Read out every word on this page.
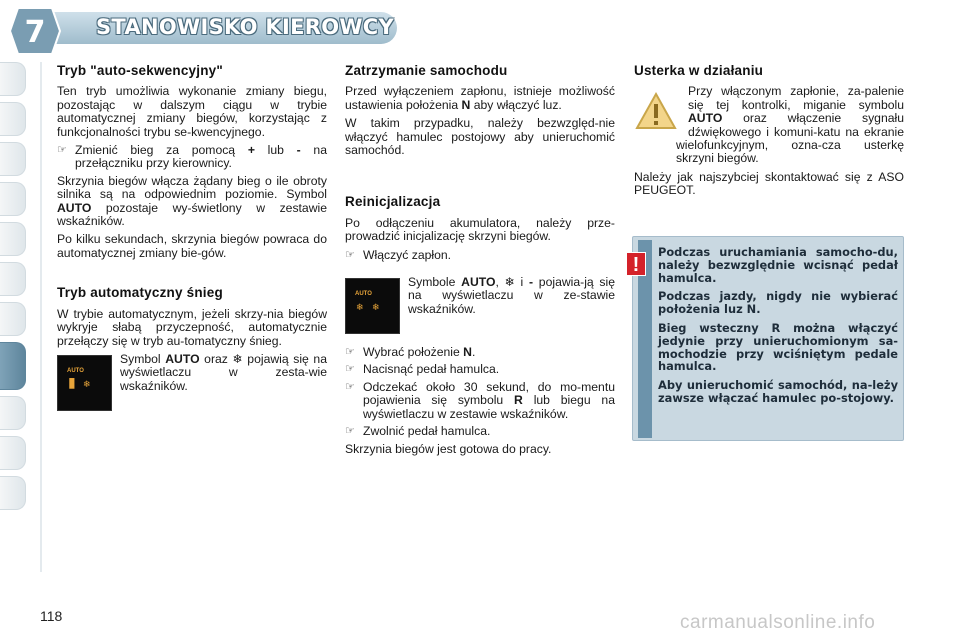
7 STANOWISKO KIEROWCY
Tryb "auto-sekwencyjny"

Ten tryb umożliwia wykonanie zmiany biegu, pozostając w dalszym ciągu w trybie automatycznej zmiany biegów, korzystając z funkcjonalności trybu se-kwencyjnego.

☞ Zmienić bieg za pomocą + lub - na przełączniku przy kierownicy.

Skrzynia biegów włącza żądany bieg o ile obroty silnika są na odpowiednim poziomie. Symbol AUTO pozostaje wy-świetlony w zestawie wskaźników.

Po kilku sekundach, skrzynia biegów powraca do automatycznej zmiany bie-gów.

Tryb automatyczny śnieg

W trybie automatycznym, jeżeli skrzy-nia biegów wykryje słabą przyczepność, automatycznie przełączy się w tryb au-tomatyczny śnieg.

AUTO
▮ ❄

Symbol AUTO oraz ❄ pojawią się na wyświetlaczu w zesta-wie wskaźników.

Zatrzymanie samochodu

Przed wyłączeniem zapłonu, istnieje możliwość ustawienia położenia N aby włączyć luz.

W takim przypadku, należy bezwzględ-nie włączyć hamulec postojowy aby unieruchomić samochód.

Reinicjalizacja

Po odłączeniu akumulatora, należy prze-prowadzić inicjalizację skrzyni biegów.

☞ Włączyć zapłon.
AUTO
❄ ❄

Symbole AUTO, ❄ i - pojawia-ją się na wyświetlaczu w ze-stawie wskaźników.

☞ Wybrać położenie N.
☞ Nacisnąć pedał hamulca.
☞ Odczekać około 30 sekund, do mo-mentu pojawienia się symbolu R lub biegu na wyświetlaczu w zestawie wskaźników.
☞ Zwolnić pedał hamulca.

Skrzynia biegów jest gotowa do pracy.

Usterka w działaniu

Przy włączonym zapłonie, za-palenie się tej kontrolki, miganie symbolu AUTO oraz włączenie sygnału dźwiękowego i komuni-katu na ekranie wielofunkcyjnym, ozna-cza usterkę skrzyni biegów.

Należy jak najszybciej skontaktować się z ASO PEUGEOT.

!

Podczas uruchamiania samocho-du, należy bezwzględnie wcisnąć pedał hamulca.

Podczas jazdy, nigdy nie wybierać położenia luz N.

Bieg wsteczny R można włączyć jedynie przy unieruchomionym sa-mochodzie przy wciśniętym pedale hamulca.

Aby unieruchomić samochód, na-leży zawsze włączać hamulec po-stojowy.

118	carmanualsonline.info
